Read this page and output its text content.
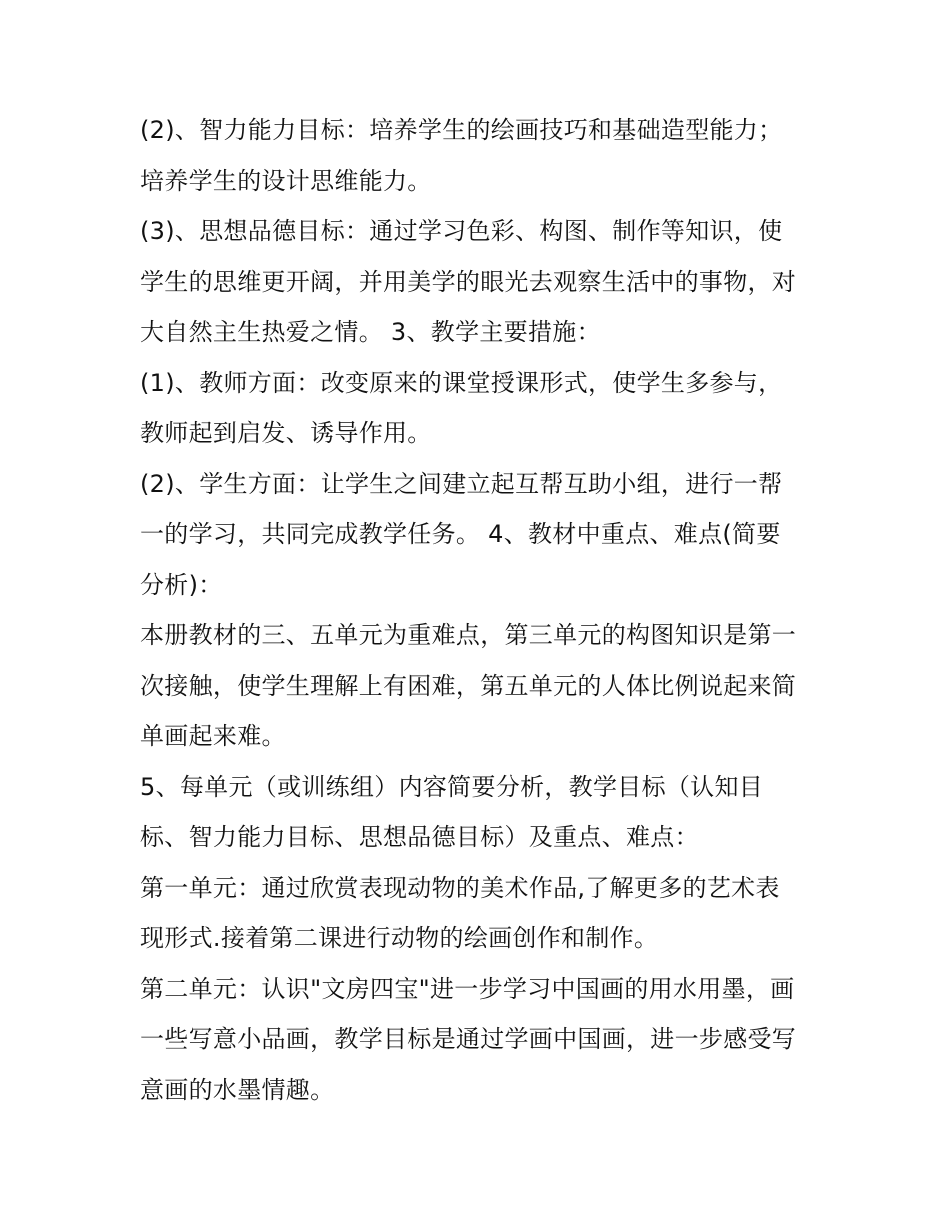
(2)、智力能力目标：培养学生的绘画技巧和基础造型能力；
培养学生的设计思维能力。
(3)、思想品德目标：通过学习色彩、构图、制作等知识，使
学生的思维更开阔，并用美学的眼光去观察生活中的事物，对
大自然主生热爱之情。 3、教学主要措施：
(1)、教师方面：改变原来的课堂授课形式，使学生多参与，
教师起到启发、诱导作用。
(2)、学生方面：让学生之间建立起互帮互助小组，进行一帮
一的学习，共同完成教学任务。 4、教材中重点、难点(简要
分析)：
本册教材的三、五单元为重难点，第三单元的构图知识是第一
次接触，使学生理解上有困难，第五单元的人体比例说起来简
单画起来难。
5、每单元（或训练组）内容简要分析，教学目标（认知目
标、智力能力目标、思想品德目标）及重点、难点：
第一单元：通过欣赏表现动物的美术作品,了解更多的艺术表
现形式.接着第二课进行动物的绘画创作和制作。
第二单元：认识"文房四宝"进一步学习中国画的用水用墨，画
一些写意小品画，教学目标是通过学画中国画，进一步感受写
意画的水墨情趣。
